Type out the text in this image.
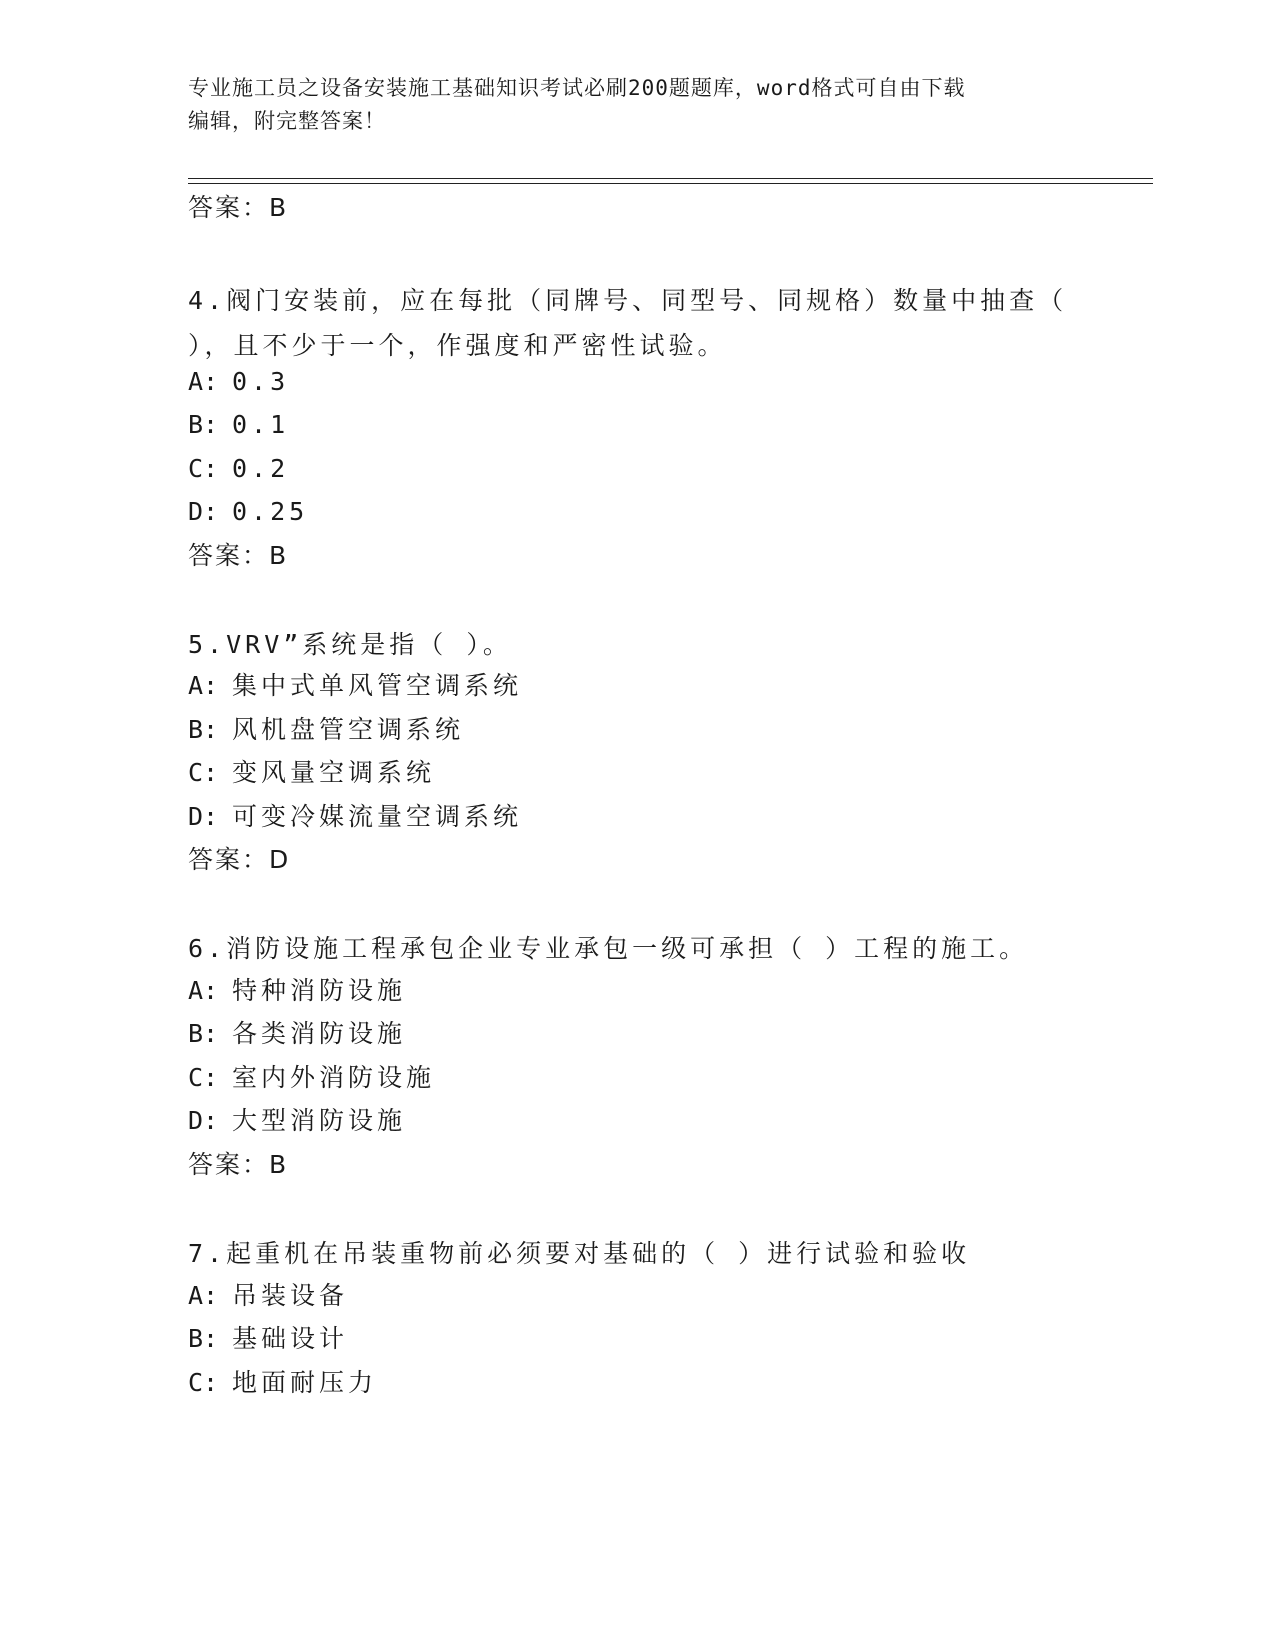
专业施工员之设备安装施工基础知识考试必刷200题题库，word格式可自由下载
编辑，附完整答案！
答案：B
4.阀门安装前，应在每批（同牌号、同型号、同规格）数量中抽查（ ），且不少于一个，作强度和严密性试验。
A: 0.3
B: 0.1
C: 0.2
D: 0.25
答案：B
5.VRV”系统是指（ ）。
A: 集中式单风管空调系统
B: 风机盘管空调系统
C: 变风量空调系统
D: 可变冷媒流量空调系统
答案：D
6.消防设施工程承包企业专业承包一级可承担（ ）工程的施工。
A: 特种消防设施
B: 各类消防设施
C: 室内外消防设施
D: 大型消防设施
答案：B
7.起重机在吊装重物前必须要对基础的（ ）进行试验和验收
A: 吊装设备
B: 基础设计
C: 地面耐压力
